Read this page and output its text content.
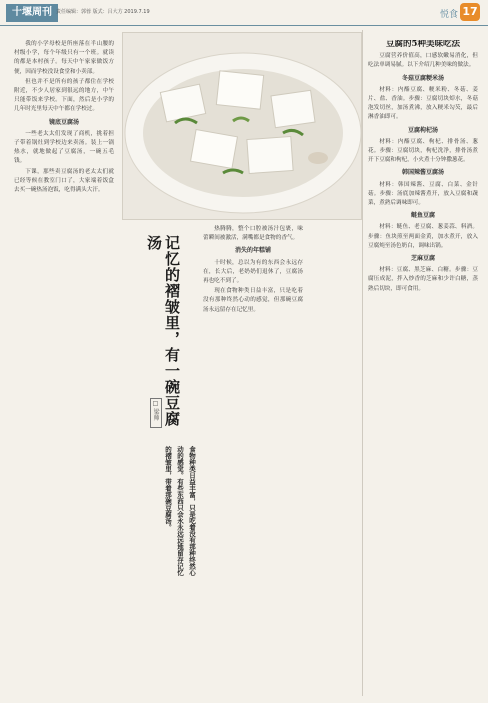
十堰周刊 责任编辑：郭蓉 版式：吕大方 2019.7.19	悦食 17

我的小学母校是所座落在半山腰的村级小学，每个年级只有一个班。就读的都是本村孩子。每天中午家家做饭方便，因而学校没设食堂和小卖部。

但也并不是所有的孩子都住在学校附近，不少人居家到很远的地方，中午只能带饭来学校。下面，然后是小学的几年时光里每天中午都在学校过。

镜底豆腐汤

一些老太太们发现了商机，挑着担子带着锅灶到学校边来卖汤。装上一锅热水，就地做起了豆腐汤，一碗五毛钱。

下课，那些卖豆腐汤的老太太们就已经等候在教室门口了，大家端着饭盒去买一碗热汤泡饭，吃得满头大汗。

记忆的褶皱里，有一碗豆腐汤
□ 梁帅
食物种类日益丰富，只是吃着没有那种终然心动的感觉。有些东西只会永永远远地留存记忆的褶皱里，带着那碗豆腐汤。

热腾腾，整个口腔被汤汁包裹，味蕾瞬间被激活，满嘴都是食物的香气。

消失的年糕铺

十时候，总以为有的东西会永远存在，长大后，老奶奶们退休了，豆腐汤再也吃不到了。

现在食物种类日益丰富，只是吃着没有那种终然心动的感觉，但那碗豆腐汤永远留存在记忆里。

豆腐的5种美味吃法

豆腐营养价值高，口感软嫩易消化，但吃法单调易腻。以下介绍几种美味的做法。

冬菇豆腐粳米汤

材料：内酯豆腐、粳米粉、冬菇、姜片、盐、香油。步骤：豆腐切块焯水，冬菇泡发切丝，加汤煮沸，放入粳米勾芡，最后淋香油即可。

豆腐枸杞汤

材料：内酯豆腐、枸杞、排骨汤、葱花。步骤：豆腐切块，枸杞洗净，排骨汤煮开下豆腐和枸杞，小火煮十分钟撒葱花。

韩国辣酱豆腐汤

材料：韩国辣酱、豆腐、白菜、金针菇。步骤：汤底加辣酱煮开，放入豆腐和蔬菜，煮熟后调味即可。

鲢鱼豆腐

材料：鲢鱼、老豆腐、葱姜蒜、料酒。步骤：鱼块煎至两面金黄，加水煮开，放入豆腐炖至汤色奶白，调味出锅。

芝麻豆腐

材料：豆腐、黑芝麻、白糖。步骤：豆腐压成泥，拌入炒香的芝麻和少许白糖，蒸熟后切块，即可食用。
